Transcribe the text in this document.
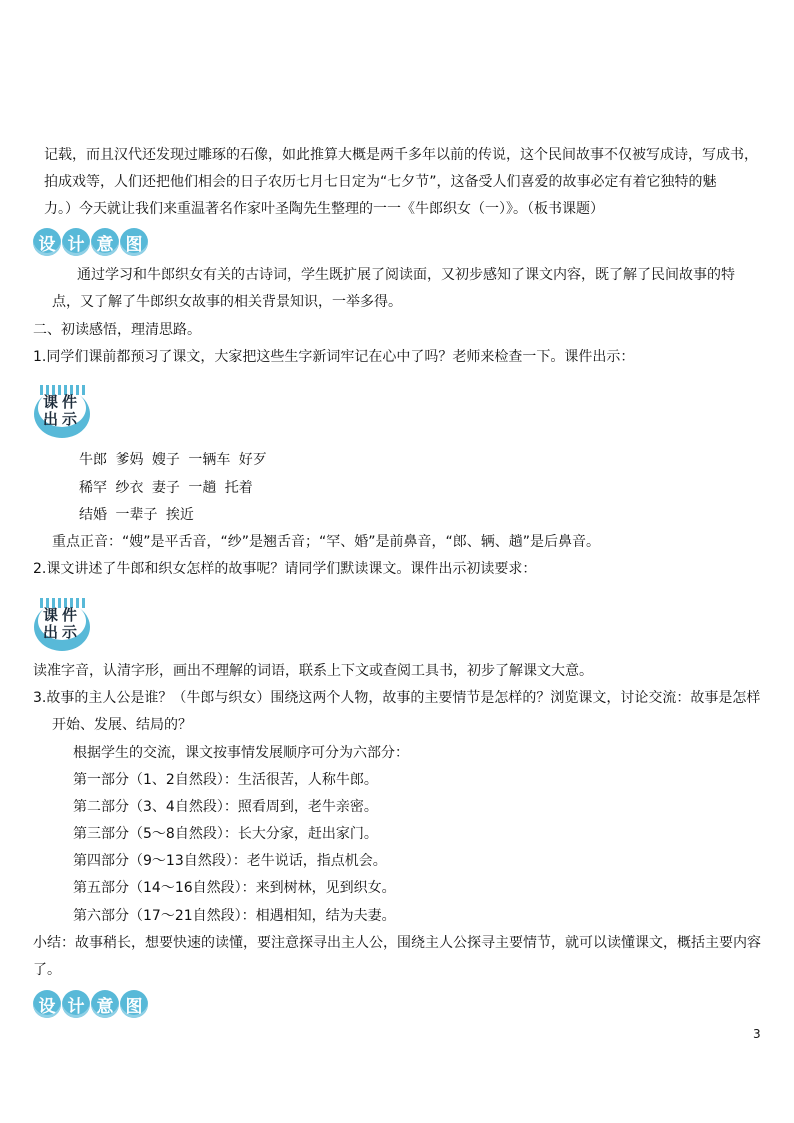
记载，而且汉代还发现过雕琢的石像，如此推算大概是两千多年以前的传说，这个民间故事不仅被写成诗，写成书，
拍成戏等，人们还把他们相会的日子农历七月七日定为“七夕节”，这备受人们喜爱的故事必定有着它独特的魅
力。）今天就让我们来重温著名作家叶圣陶先生整理的一一《牛郎织女（一）》。（板书课题）
设 计 意 图
通过学习和牛郎织女有关的古诗词，学生既扩展了阅读面，又初步感知了课文内容，既了解了民间故事的特
点，又了解了牛郎织女故事的相关背景知识，一举多得。
二、初读感悟，理清思路。
1.同学们课前都预习了课文，大家把这些生字新词牢记在心中了吗？老师来检查一下。课件出示：
课件
出示
牛郎 爹妈 嫂子 一辆车 好歹
稀罕 纱衣 妻子 一趟 托着
结婚 一辈子 挨近
重点正音：“嫂”是平舌音，“纱”是翘舌音；“罕、婚”是前鼻音，“郎、辆、趟”是后鼻音。
2.课文讲述了牛郎和织女怎样的故事呢？请同学们默读课文。课件出示初读要求：
课件
出示
读准字音，认清字形，画出不理解的词语，联系上下文或查阅工具书，初步了解课文大意。
3.故事的主人公是谁？（牛郎与织女）围绕这两个人物，故事的主要情节是怎样的？浏览课文，讨论交流：故事是怎样
开始、发展、结局的？
根据学生的交流，课文按事情发展顺序可分为六部分：
第一部分（1、2自然段）：生活很苦，人称牛郎。
第二部分（3、4自然段）：照看周到，老牛亲密。
第三部分（5～8自然段）：长大分家，赶出家门。
第四部分（9～13自然段）：老牛说话，指点机会。
第五部分（14～16自然段）：来到树林，见到织女。
第六部分（17～21自然段）：相遇相知，结为夫妻。
小结：故事稍长，想要快速的读懂，要注意探寻出主人公，围绕主人公探寻主要情节，就可以读懂课文，概括主要内容
了。
设 计 意 图
3
